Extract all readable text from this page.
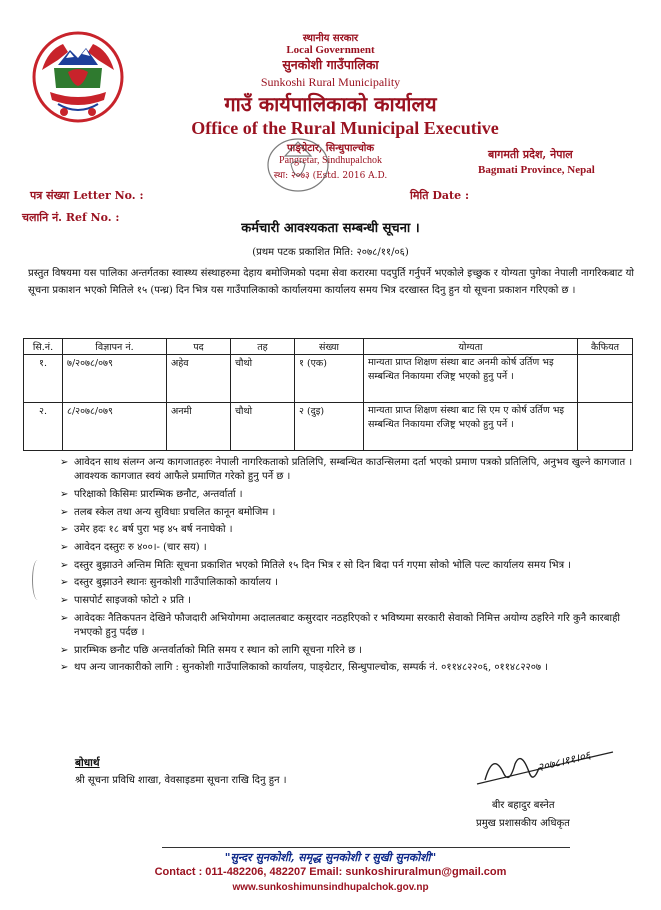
स्थानीय सरकार
Local Government
सुनकोशी गाउँपालिका
Sunkoshi Rural Municipality
गाउँ कार्यपालिकाको कार्यालय
Office of the Rural Municipal Executive
पाङ्ग्रेटार, सिन्धुपाल्चोक
Pangretar, Sindhupalchok
स्था: २०७३ (Estd. 2016 A.D.
बागमती प्रदेश, नेपाल
Bagmati Province, Nepal
पत्र संख्या Letter No. :
चलानि नं. Ref No. :
मिति Date :
कर्मचारी आवश्यकता सम्बन्धी सूचना ।
(प्रथम पटक प्रकाशित मिति: २०७८/११/०६)
प्रस्तुत विषयमा यस पालिका अन्तर्गतका स्वास्थ्य संस्थाहरुमा देहाय बमोजिमको पदमा सेवा करारमा पदपुर्ति गर्नुपर्ने भएकोले इच्छुक र योग्यता पुगेका नेपाली नागरिकबाट यो सूचना प्रकाशन भएको मितिले १५ (पन्ध्र) दिन भित्र यस गाउँपालिकाको कार्यालयमा कार्यालय समय भित्र दरखास्त दिनु हुन यो सूचना प्रकाशन गरिएको छ ।
सि.नं.	विज्ञापन नं.	पद	तह	संख्या	योग्यता	कैफियत
१.	७/२०७८/०७९	अहेव	चौथो	१ (एक)	मान्यता प्राप्त शिक्षण संस्था बाट अनमी कोर्ष उर्तिण भइ सम्बन्धित निकायमा रजिष्ट्र भएको हुनु पर्ने ।	
२.	८/२०७८/०७९	अनमी	चौथो	२ (दुइ)	मान्यता प्राप्त शिक्षण संस्था बाट सि एम ए कोर्ष उर्तिण भइ सम्बन्धित निकायमा रजिष्ट्र भएको हुनु पर्ने ।	
➢ आवेदन साथ संलग्न अन्य कागजातहरुः नेपाली नागरिकताको प्रतिलिपि, सम्बन्धित काउन्सिलमा दर्ता भएको प्रमाण पत्रको प्रतिलिपि, अनुभव खुल्ने कागजात । आवश्यक कागजात स्वयं आफैले प्रमाणित गरेको हुनु पर्ने छ ।
➢ परिक्षाको किसिमः प्रारम्भिक छनौट, अन्तर्वार्ता ।
➢ तलब स्केल तथा अन्य सुविधाः प्रचलित कानून बमोजिम ।
➢ उमेर हदः १८ बर्ष पुरा भइ ४५ बर्ष ननाघेको ।
➢ आवेदन दस्तुरः रु ४००।- (चार सय) ।
➢ दस्तुर बुझाउने अन्तिम मितिः सूचना प्रकाशित भएको मितिले १५ दिन भित्र र सो दिन बिदा पर्न गएमा सोको भोलि पल्ट कार्यालय समय भित्र ।
➢ दस्तुर बुझाउने स्थानः सुनकोशी गाउँपालिकाको कार्यालय ।
➢ पासपोर्ट साइजको फोटो २ प्रति ।
➢ आवेदकः नैतिकपतन देखिने फौजदारी अभियोगमा अदालतबाट कसुरदार नठहरिएको र भविष्यमा सरकारी सेवाको निमित्त अयोग्य ठहरिने गरि कुनै कारबाही नभएको हुनु पर्दछ ।
➢ प्रारम्भिक छनौट पछि अन्तर्वार्ताको मिति समय र स्थान को लागि सूचना गरिने छ ।
➢ थप अन्य जानकारीको लागि : सुनकोशी गाउँपालिकाको कार्यालय, पाङ्ग्रेटार, सिन्धुपाल्चोक, सम्पर्क नं. ०११४८२२०६, ०११४८२२०७ ।
बोधार्थ
श्री सूचना प्रविधि शाखा, वेवसाइडमा सूचना राखि दिनु हुन ।
२०७८।११।०६
बीर बहादुर बस्नेत
प्रमुख प्रशासकीय अधिकृत
"सुन्दर सुनकोशी, समृद्ध सुनकोशी र सुखी सुनकोशी"
Contact : 011-482206, 482207 Email: sunkoshiruralmun@gmail.com
www.sunkoshimunsindhupalchok.gov.np
